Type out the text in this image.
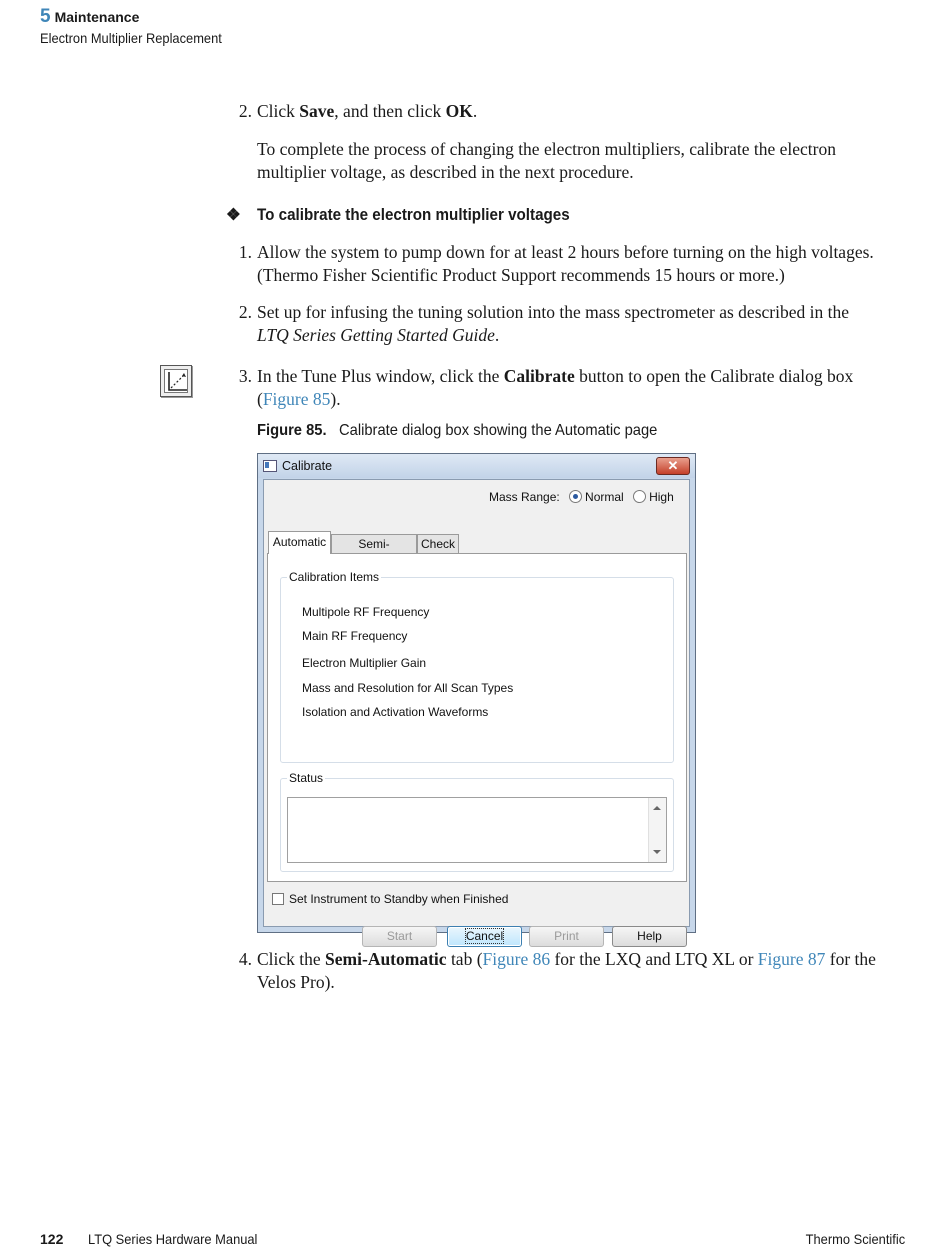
5 Maintenance
Electron Multiplier Replacement
2. Click Save, and then click OK.
To complete the process of changing the electron multipliers, calibrate the electron
multiplier voltage, as described in the next procedure.
❖ To calibrate the electron multiplier voltages
1. Allow the system to pump down for at least 2 hours before turning on the high voltages.
(Thermo Fisher Scientific Product Support recommends 15 hours or more.)
2. Set up for infusing the tuning solution into the mass spectrometer as described in the
LTQ Series Getting Started Guide.
3. In the Tune Plus window, click the Calibrate button to open the Calibrate dialog box
(Figure 85).
Figure 85. Calibrate dialog box showing the Automatic page
Calibrate	✕
Mass Range: Normal High
Automatic	Semi-	Check
Calibration Items
Multipole RF Frequency
Main RF Frequency
Electron Multiplier Gain
Mass and Resolution for All Scan Types
Isolation and Activation Waveforms
Status
Set Instrument to Standby when Finished
Start	Cancel	Print	Help
4. Click the Semi-Automatic tab (Figure 86 for the LXQ and LTQ XL or Figure 87 for the
Velos Pro).
122 LTQ Series Hardware Manual	Thermo Scientific
